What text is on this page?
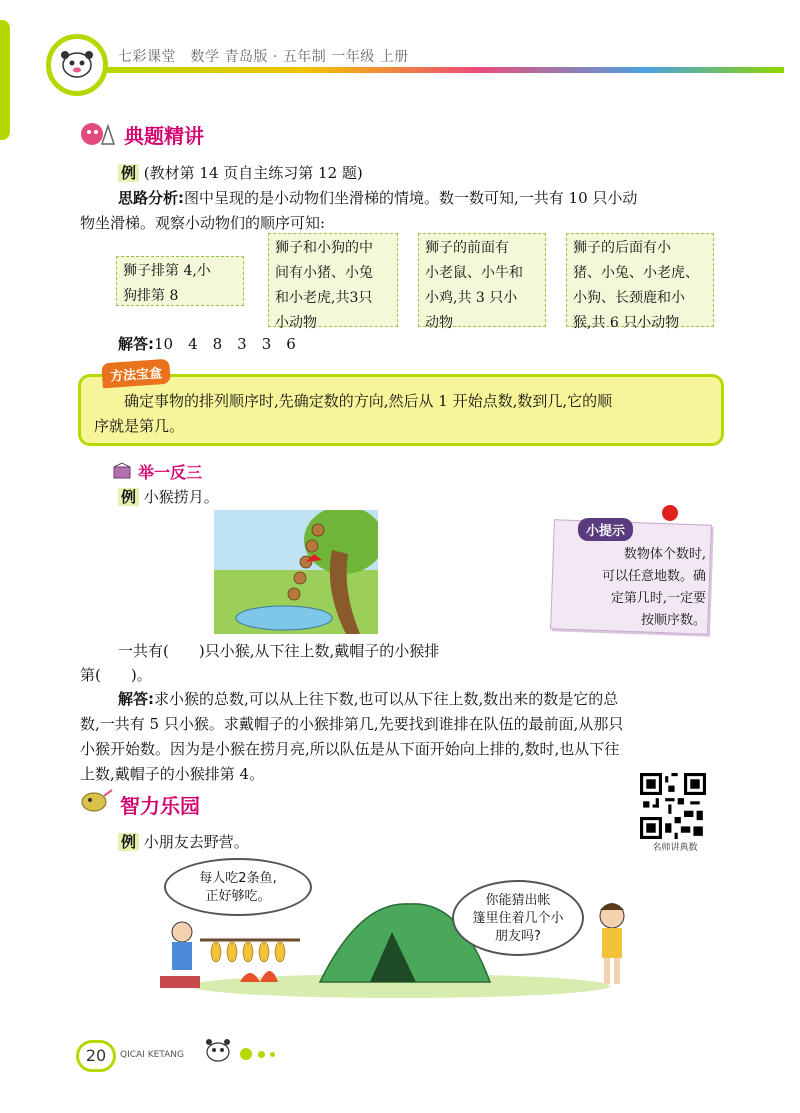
七彩课堂　数学 青岛版 · 五年制 一年级 上册
典题精讲
例 (教材第 14 页自主练习第 12 题)
思路分析:图中呈现的是小动物们坐滑梯的情境。数一数可知,一共有 10 只小动
物坐滑梯。观察小动物们的顺序可知:
狮子排第 4,小
狗排第 8
狮子和小狗的中
间有小猪、小兔
和小老虎,共3只
小动物
狮子的前面有
小老鼠、小牛和
小鸡,共 3 只小
动物
狮子的后面有小
猪、小兔、小老虎、
小狗、长颈鹿和小
猴,共 6 只小动物
解答:10　4　8　3　3　6
方法宝盒
确定事物的排列顺序时,先确定数的方向,然后从 1 开始点数,数到几,它的顺
序就是第几。
举一反三
例 小猴捞月。
小提示
数物体个数时,
可以任意地数。确
定第几时,一定要
按顺序数。
一共有(　　)只小猴,从下往上数,戴帽子的小猴排
第(　　)。
解答:求小猴的总数,可以从上往下数,也可以从下往上数,数出来的数是它的总
数,一共有 5 只小猴。求戴帽子的小猴排第几,先要找到谁排在队伍的最前面,从那只
小猴开始数。因为是小猴在捞月亮,所以队伍是从下面开始向上排的,数时,也从下往
上数,戴帽子的小猴排第 4。
名师讲典数
智力乐园
例 小朋友去野营。
每人吃2条鱼,
正好够吃。	你能猜出帐
篷里住着几个小
朋友吗?
20	QICAI KETANG
